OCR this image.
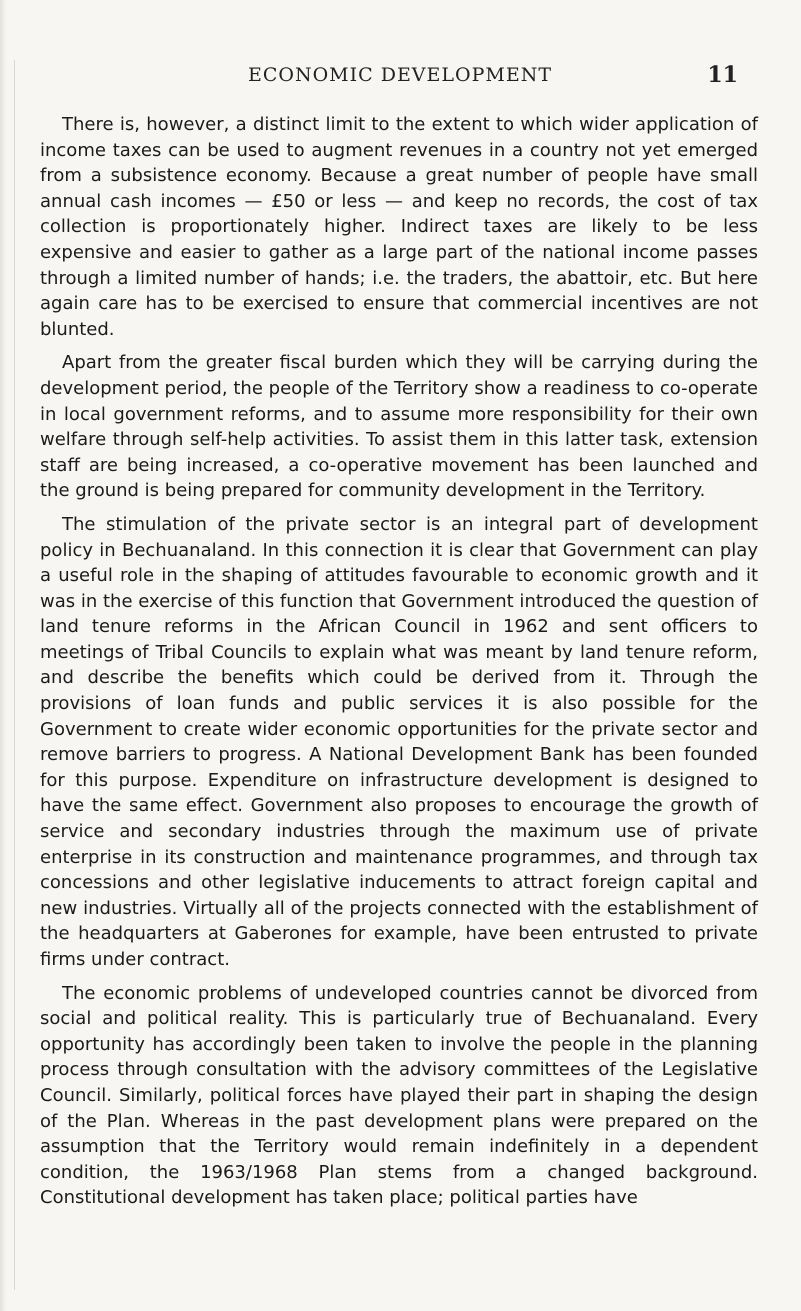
ECONOMIC DEVELOPMENT	11

There is, however, a distinct limit to the extent to which wider application of income taxes can be used to augment revenues in a country not yet emerged from a subsistence economy. Because a great number of people have small annual cash incomes — £50 or less — and keep no records, the cost of tax collection is proportionately higher. Indirect taxes are likely to be less expensive and easier to gather as a large part of the national income passes through a limited number of hands; i.e. the traders, the abattoir, etc. But here again care has to be exercised to ensure that commercial incentives are not blunted.

Apart from the greater fiscal burden which they will be carrying during the development period, the people of the Territory show a readiness to co-operate in local government reforms, and to assume more responsibility for their own welfare through self-help activities. To assist them in this latter task, extension staff are being increased, a co-operative movement has been launched and the ground is being prepared for community development in the Territory.

The stimulation of the private sector is an integral part of development policy in Bechuanaland. In this connection it is clear that Government can play a useful role in the shaping of attitudes favourable to economic growth and it was in the exercise of this function that Government introduced the question of land tenure reforms in the African Council in 1962 and sent officers to meetings of Tribal Councils to explain what was meant by land tenure reform, and describe the benefits which could be derived from it. Through the provisions of loan funds and public services it is also possible for the Government to create wider economic opportunities for the private sector and remove barriers to progress. A National Development Bank has been founded for this purpose. Expenditure on infrastructure development is designed to have the same effect. Government also proposes to encourage the growth of service and secondary industries through the maximum use of private enterprise in its construction and maintenance programmes, and through tax concessions and other legislative inducements to attract foreign capital and new industries. Virtually all of the projects connected with the establishment of the headquarters at Gaberones for example, have been entrusted to private firms under contract.

The economic problems of undeveloped countries cannot be divorced from social and political reality. This is particularly true of Bechuanaland. Every opportunity has accordingly been taken to involve the people in the planning process through consultation with the advisory committees of the Legislative Council. Similarly, political forces have played their part in shaping the design of the Plan. Whereas in the past development plans were prepared on the assumption that the Territory would remain indefinitely in a dependent condition, the 1963/1968 Plan stems from a changed background. Constitutional development has taken place; political parties have
